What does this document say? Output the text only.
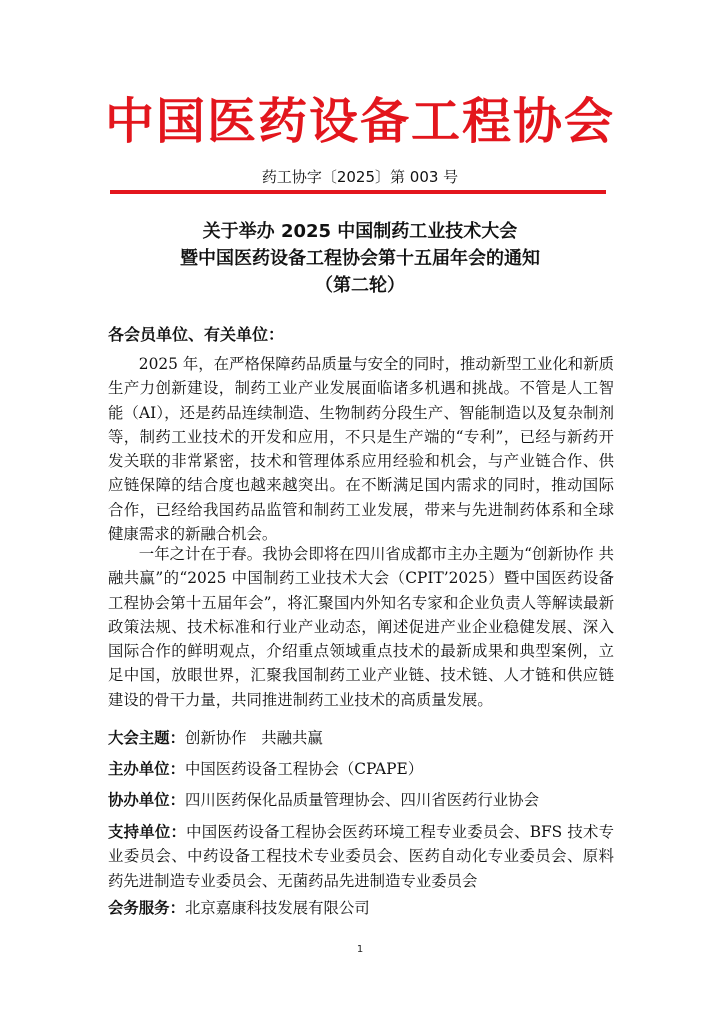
中国医药设备工程协会
药工协字〔2025〕第 003 号
关于举办 2025 中国制药工业技术大会
暨中国医药设备工程协会第十五届年会的通知
（第二轮）
各会员单位、有关单位：
2025 年，在严格保障药品质量与安全的同时，推动新型工业化和新质生产力创新建设，制药工业产业发展面临诸多机遇和挑战。不管是人工智能（AI），还是药品连续制造、生物制药分段生产、智能制造以及复杂制剂等，制药工业技术的开发和应用，不只是生产端的“专利”，已经与新药开发关联的非常紧密，技术和管理体系应用经验和机会，与产业链合作、供应链保障的结合度也越来越突出。在不断满足国内需求的同时，推动国际合作，已经给我国药品监管和制药工业发展，带来与先进制药体系和全球健康需求的新融合机会。
一年之计在于春。我协会即将在四川省成都市主办主题为“创新协作 共融共赢”的“2025 中国制药工业技术大会（CPIT’2025）暨中国医药设备工程协会第十五届年会”，将汇聚国内外知名专家和企业负责人等解读最新政策法规、技术标准和行业产业动态，阐述促进产业企业稳健发展、深入国际合作的鲜明观点，介绍重点领域重点技术的最新成果和典型案例，立足中国，放眼世界，汇聚我国制药工业产业链、技术链、人才链和供应链建设的骨干力量，共同推进制药工业技术的高质量发展。
大会主题：创新协作   共融共赢
主办单位：中国医药设备工程协会（CPAPE）
协办单位：四川医药保化品质量管理协会、四川省医药行业协会
支持单位：中国医药设备工程协会医药环境工程专业委员会、BFS 技术专业委员会、中药设备工程技术专业委员会、医药自动化专业委员会、原料药先进制造专业委员会、无菌药品先进制造专业委员会
会务服务：北京嘉康科技发展有限公司
1
